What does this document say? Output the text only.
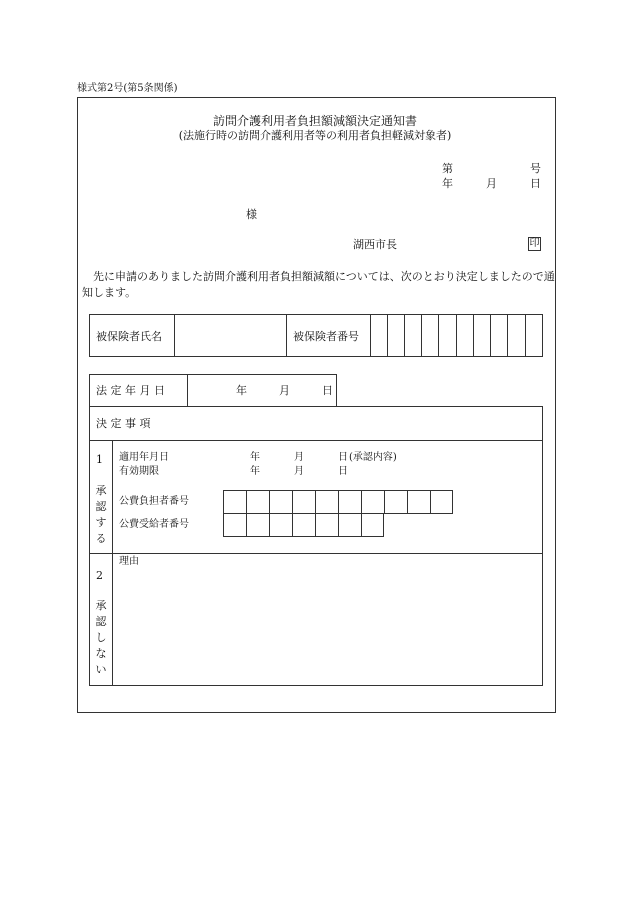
様式第2号(第5条関係)
訪問介護利用者負担額減額決定通知書
(法施行時の訪問介護利用者等の利用者負担軽減対象者)
第	号
年	月	日
様
湖西市長	印
先に申請のありました訪問介護利用者負担額減額については、次のとおり決定しましたので通
知します。
被保険者氏名	被保険者番号
法 定 年 月 日	年	月	日
決 定 事 項
1
承
認
す
る
適用年月日	年	月	日 (承認内容)
有効期限	年	月	日
公費負担者番号
公費受給者番号
2
承
認
し
な
い
理由
